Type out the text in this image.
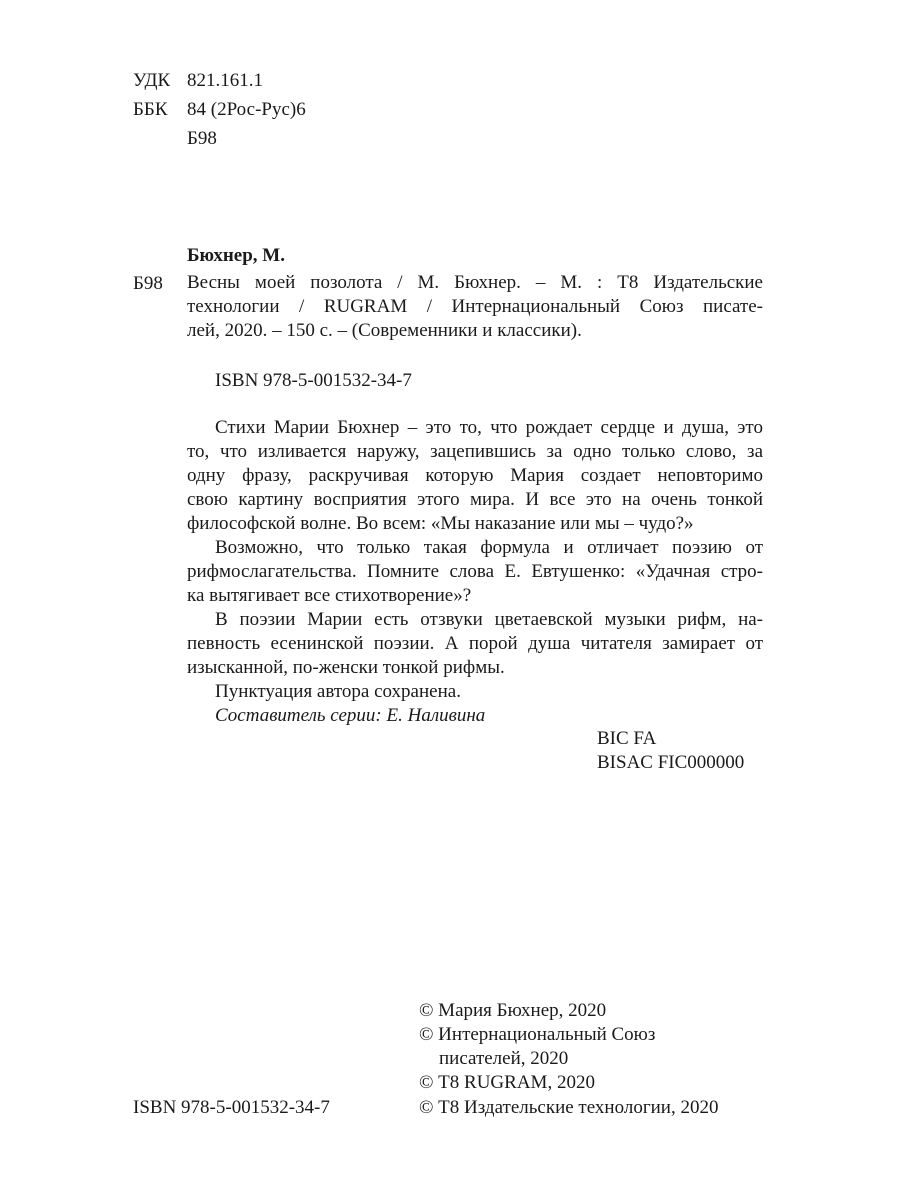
УДК 821.161.1
ББК 84 (2Рос-Рус)6
Б98
Бюхнер, М.
Б98 Весны моей позолота / М. Бюхнер. – М. : Т8 Издательские
технологии / RUGRAM / Интернациональный Союз писате-
лей, 2020. – 150 с. – (Современники и классики).
ISBN 978-5-001532-34-7
Стихи Марии Бюхнер – это то, что рождает сердце и душа, это
то, что изливается наружу, зацепившись за одно только слово, за
одну фразу, раскручивая которую Мария создает неповторимо
свою картину восприятия этого мира. И все это на очень тонкой
философской волне. Во всем: «Мы наказание или мы – чудо?»
Возможно, что только такая формула и отличает поэзию от
рифмослагательства. Помните слова Е. Евтушенко: «Удачная стро-
ка вытягивает все стихотворение»?
В поэзии Марии есть отзвуки цветаевской музыки рифм, на-
певность есенинской поэзии. А порой душа читателя замирает от
изысканной, по-женски тонкой рифмы.
Пунктуация автора сохранена.
Составитель серии: Е. Наливина
BIC FA
BISAC FIC000000
ISBN 978-5-001532-34-7
© Мария Бюхнер, 2020
© Интернациональный Союз
писателей, 2020
© Т8 RUGRAM, 2020
© Т8 Издательские технологии, 2020
